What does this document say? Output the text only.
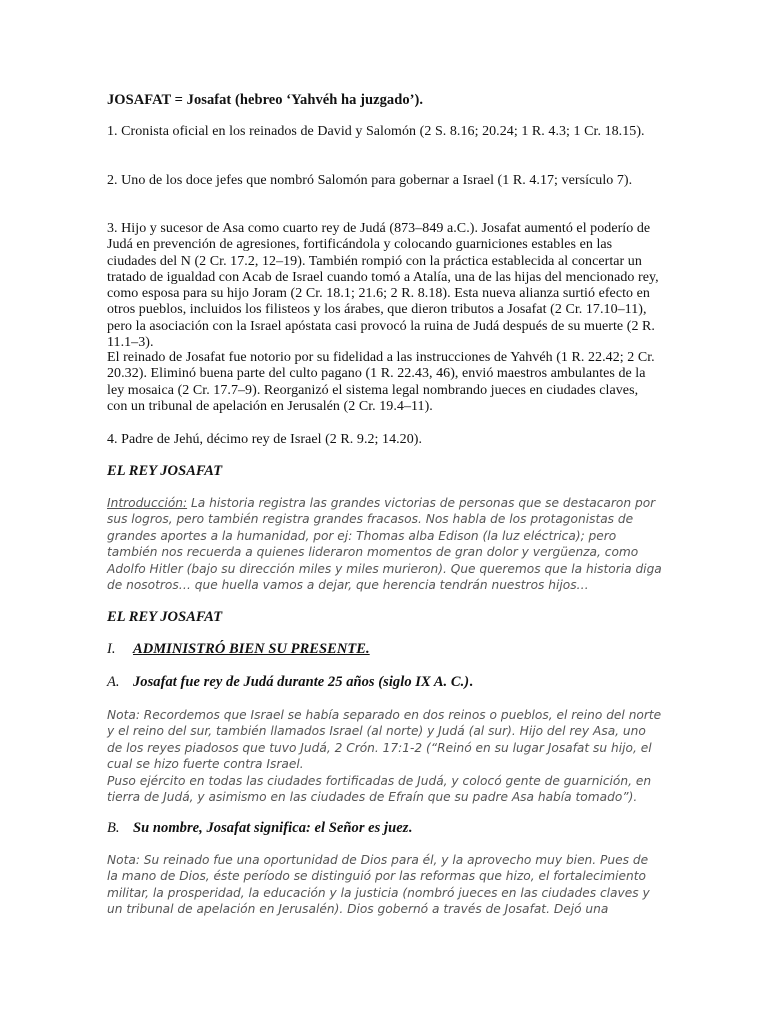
JOSAFAT = Josafat (hebreo ‘Yahvéh ha juzgado’).

1. Cronista oficial en los reinados de David y Salomón (2 S. 8.16; 20.24; 1 R. 4.3; 1 Cr. 18.15).

2. Uno de los doce jefes que nombró Salomón para gobernar a Israel (1 R. 4.17; versículo 7).

3. Hijo y sucesor de Asa como cuarto rey de Judá (873–849 a.C.). Josafat aumentó el poderío de Judá en prevención de agresiones, fortificándola y colocando guarniciones estables en las ciudades del N (2 Cr. 17.2, 12–19). También rompió con la práctica establecida al concertar un tratado de igualdad con Acab de Israel cuando tomó a Atalía, una de las hijas del mencionado rey, como esposa para su hijo Joram (2 Cr. 18.1; 21.6; 2 R. 8.18). Esta nueva alianza surtió efecto en otros pueblos, incluidos los filisteos y los árabes, que dieron tributos a Josafat (2 Cr. 17.10–11), pero la asociación con la Israel apóstata casi provocó la ruina de Judá después de su muerte (2 R. 11.1–3).

El reinado de Josafat fue notorio por su fidelidad a las instrucciones de Yahvéh (1 R. 22.42; 2 Cr. 20.32). Eliminó buena parte del culto pagano (1 R. 22.43, 46), envió maestros ambulantes de la ley mosaica (2 Cr. 17.7–9). Reorganizó el sistema legal nombrando jueces en ciudades claves, con un tribunal de apelación en Jerusalén (2 Cr. 19.4–11).

4. Padre de Jehú, décimo rey de Israel (2 R. 9.2; 14.20).

EL REY JOSAFAT

Introducción: La historia registra las grandes victorias de personas que se destacaron por sus logros, pero también registra grandes fracasos. Nos habla de los protagonistas de grandes aportes a la humanidad, por ej: Thomas alba Edison (la luz eléctrica); pero también nos recuerda a quienes lideraron momentos de gran dolor y vergüenza, como Adolfo Hitler (bajo su dirección miles y miles murieron). Que queremos que la historia diga de nosotros… que huella vamos a dejar, que herencia tendrán nuestros hijos…

EL REY JOSAFAT

I. ADMINISTRÓ BIEN SU PRESENTE.

A. Josafat fue rey de Judá durante 25 años (siglo IX A. C.).

Nota: Recordemos que Israel se había separado en dos reinos o pueblos, el reino del norte y el reino del sur, también llamados Israel (al norte) y Judá (al sur). Hijo del rey Asa, uno de los reyes piadosos que tuvo Judá, 2 Crón. 17:1-2 (“Reinó en su lugar Josafat su hijo, el cual se hizo fuerte contra Israel.

Puso ejército en todas las ciudades fortificadas de Judá, y colocó gente de guarnición, en tierra de Judá, y asimismo en las ciudades de Efraín que su padre Asa había tomado”).

B. Su nombre, Josafat significa: el Señor es juez.

Nota: Su reinado fue una oportunidad de Dios para él, y la aprovecho muy bien. Pues de la mano de Dios, éste período se distinguió por las reformas que hizo, el fortalecimiento militar, la prosperidad, la educación y la justicia (nombró jueces en las ciudades claves y un tribunal de apelación en Jerusalén). Dios gobernó a través de Josafat. Dejó una
